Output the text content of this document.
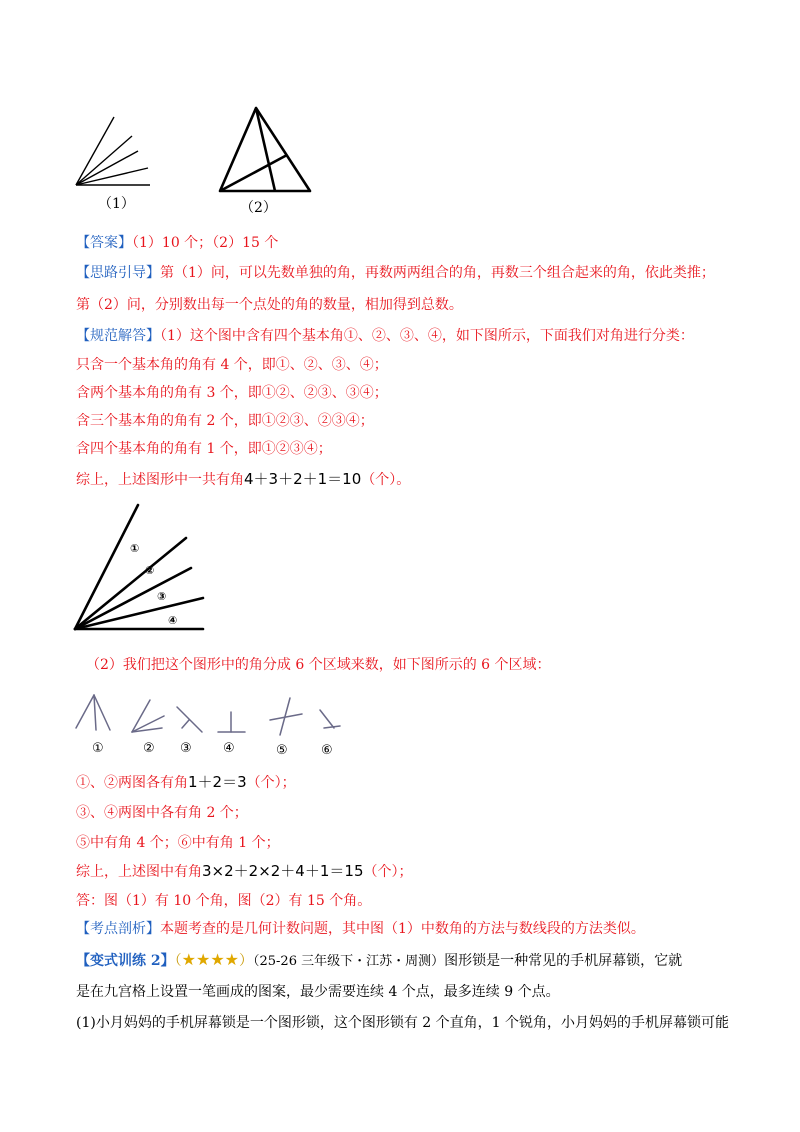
（1）	（2）
【答案】（1）10 个；（2）15 个
【思路引导】第（1）问，可以先数单独的角，再数两两组合的角，再数三个组合起来的角，依此类推；
第（2）问，分别数出每一个点处的角的数量，相加得到总数。
【规范解答】（1）这个图中含有四个基本角①、②、③、④，如下图所示，下面我们对角进行分类：
只含一个基本角的角有 4 个，即①、②、③、④；
含两个基本角的角有 3 个，即①②、②③、③④；
含三个基本角的角有 2 个，即①②③、②③④；
含四个基本角的角有 1 个，即①②③④；
综上，上述图形中一共有角4＋3＋2＋1＝10（个）。
①
②
③
④
（2）我们把这个图形中的角分成 6 个区域来数，如下图所示的 6 个区域：
①	② ③ ④	⑤	⑥
①、②两图各有角1＋2＝3（个）；
③、④两图中各有角 2 个；
⑤中有角 4 个；⑥中有角 1 个；
综上，上述图中有角3×2＋2×2＋4＋1＝15（个）；
答：图（1）有 10 个角，图（2）有 15 个角。
【考点剖析】本题考查的是几何计数问题，其中图（1）中数角的方法与数线段的方法类似。
【变式训练 2】（★★★★）（25-26 三年级下・江苏・周测）图形锁是一种常见的手机屏幕锁，它就
是在九宫格上设置一笔画成的图案，最少需要连续 4 个点，最多连续 9 个点。
(1)小月妈妈的手机屏幕锁是一个图形锁，这个图形锁有 2 个直角，1 个锐角，小月妈妈的手机屏幕锁可能
